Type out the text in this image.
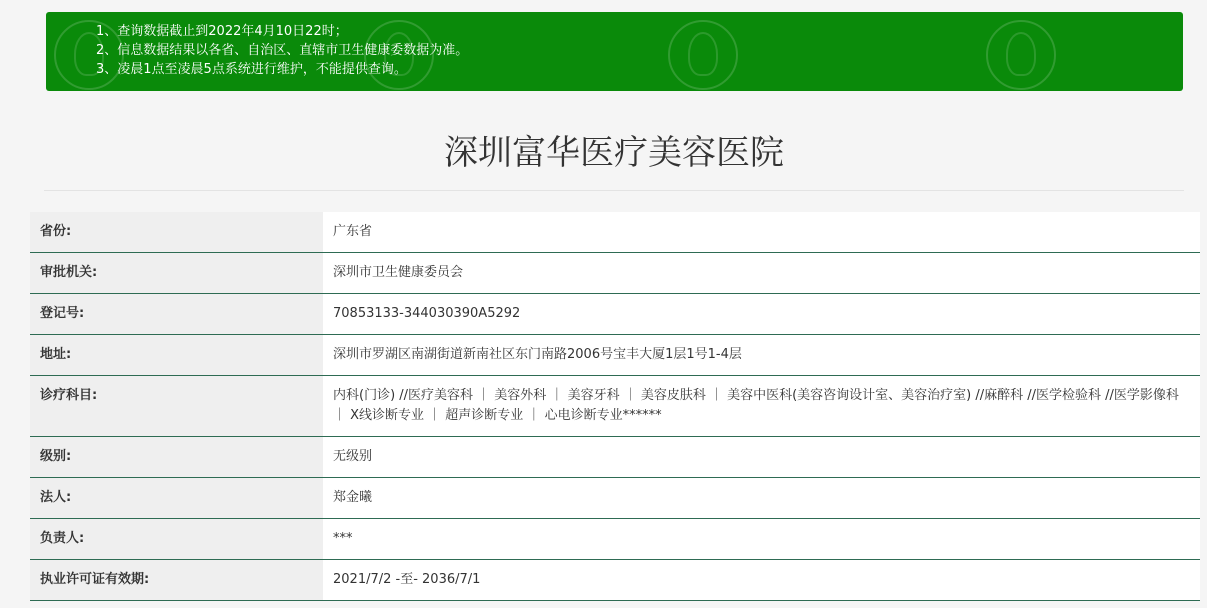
1、查询数据截止到2022年4月10日22时；
2、信息数据结果以各省、自治区、直辖市卫生健康委数据为准。
3、凌晨1点至凌晨5点系统进行维护，不能提供查询。
深圳富华医疗美容医院
省份:	广东省
审批机关:	深圳市卫生健康委员会
登记号:	70853133-344030390A5292
地址:	深圳市罗湖区南湖街道新南社区东门南路2006号宝丰大厦1层1号1-4层
诊疗科目:	内科(门诊) //医疗美容科 ｜ 美容外科 ｜ 美容牙科 ｜ 美容皮肤科 ｜ 美容中医科(美容咨询设计室、美容治疗室) //麻醉科 //医学检验科 //医学影像科 ｜ X线诊断专业 ｜ 超声诊断专业 ｜ 心电诊断专业******
级别:	无级别
法人:	郑金曦
负责人:	***
执业许可证有效期:	2021/7/2 -至- 2036/7/1
